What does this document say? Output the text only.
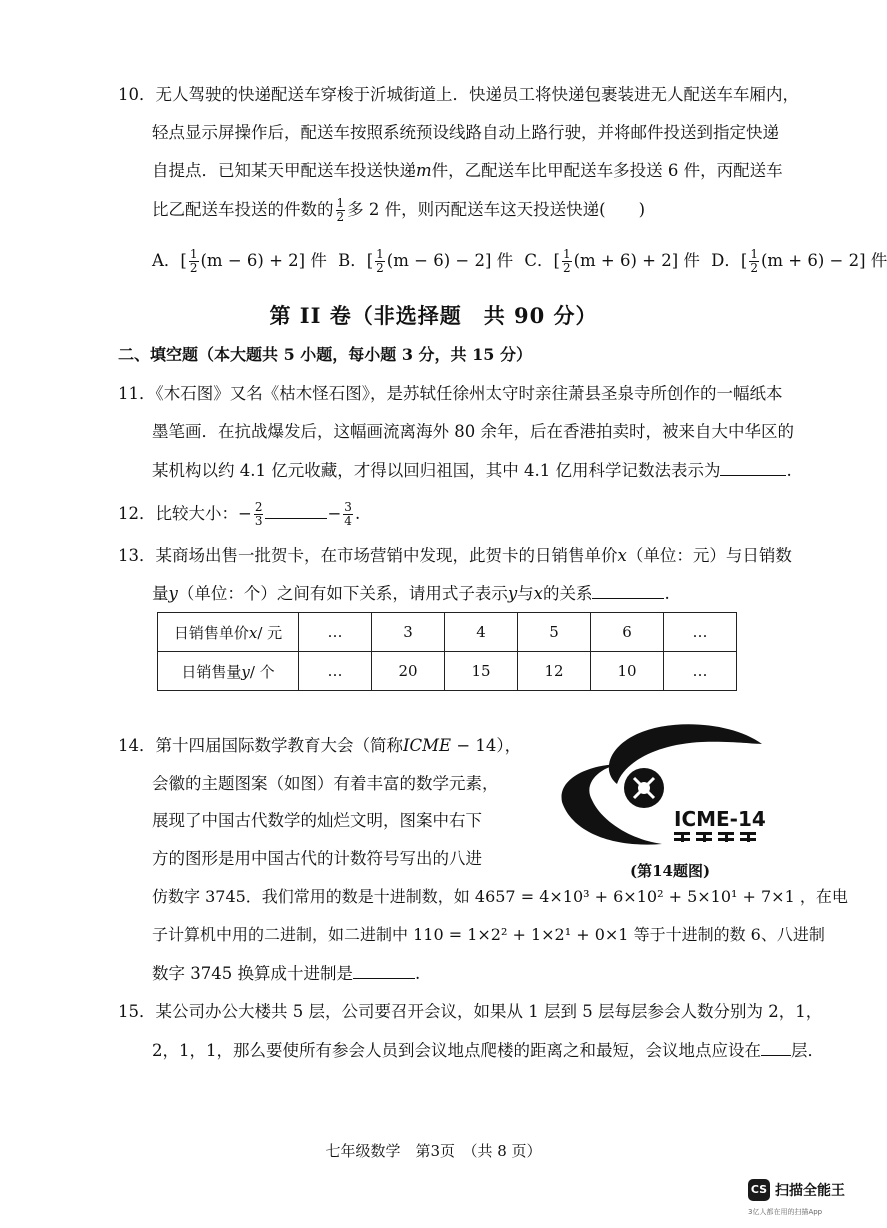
10．无人驾驶的快递配送车穿梭于沂城街道上．快递员工将快递包裹装进无人配送车车厢内，
轻点显示屏操作后，配送车按照系统预设线路自动上路行驶，并将邮件投送到指定快递
自提点．已知某天甲配送车投送快递m件，乙配送车比甲配送车多投送 6 件，丙配送车
比乙配送车投送的件数的 $\frac{1}{2}$ 多 2 件，则丙配送车这天投送快递(　　)
A．[ $\frac{1}{2} (m - 6) + 2$] 件 B．[ $\frac{1}{2} (m - 6) - 2$] 件 C．[ $\frac{1}{2} (m + 6) + 2$] 件 D．[ $\frac{1}{2} (m + 6) - 2$] 件
第 II 卷（非选择题　共 90 分）
二、填空题（本大题共 5 小题，每小题 3 分，共 15 分）
11．《木石图》又名《枯木怪石图》，是苏轼任徐州太守时亲往萧县圣泉寺所创作的一幅纸本
墨笔画．在抗战爆发后，这幅画流离海外 80 余年，后在香港拍卖时，被来自大中华区的
某机构以约 4.1 亿元收藏，才得以回归祖国，其中 4.1 亿用科学记数法表示为	.
12．比较大小：− $\frac{2}{3}$	− $\frac{3}{4}$ .
13．某商场出售一批贺卡，在市场营销中发现，此贺卡的日销售单价x（单位：元）与日销数
量y（单位：个）之间有如下关系，请用式子表示y与x的关系	.
日销售单价x/ 元	…	3	4	5	6	…
日销售量y/ 个	…	20	15	12	10	…
14．第十四届国际数学教育大会（简称ICME − 14），
会徽的主题图案（如图）有着丰富的数学元素，
展现了中国古代数学的灿烂文明，图案中右下
方的图形是用中国古代的计数符号写出的八进
仿数字 3745．我们常用的数是十进制数，如 4657 = 4×10³ + 6×10² + 5×10¹ + 7×1 ，在电
子计算机中用的二进制，如二进制中 110 = 1×2² + 1×2¹ + 0×1 等于十进制的数 6、八进制
数字 3745 换算成十进制是	.
ICME-14
(第14题图)
15．某公司办公大楼共 5 层，公司要召开会议，如果从 1 层到 5 层每层参会人数分别为 2，1，
2，1，1，那么要使所有参会人员到会议地点爬楼的距离之和最短，会议地点应设在 层．
七年级数学　第3页　（共 8 页）
CS 扫描全能王
3亿人都在用的扫描App
